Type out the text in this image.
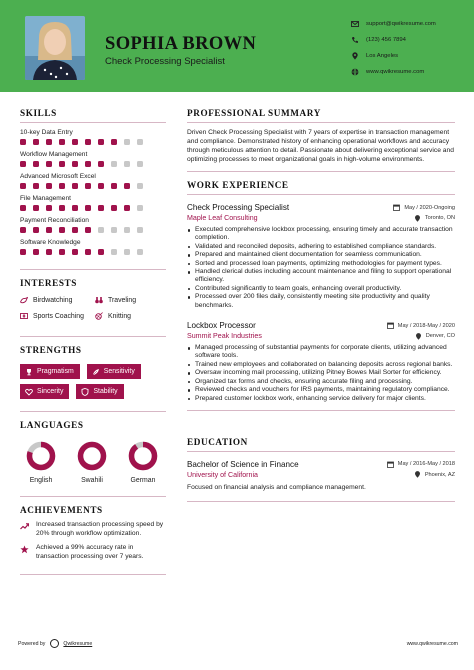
SOPHIA BROWN
Check Processing Specialist
support@qwikresume.com
(123) 456 7894
Los Angeles
www.qwikresume.com
SKILLS
10-key Data Entry
Workflow Management
Advanced Microsoft Excel
File Management
Payment Reconciliation
Software Knowledge
INTERESTS
Birdwatching	Traveling
Sports Coaching	Knitting
STRENGTHS
Pragmatism	Sensitivity
Sincerity	Stability
LANGUAGES
English	Swahili	German
ACHIEVEMENTS
Increased transaction processing speed by 20% through workflow optimization.
Achieved a 99% accuracy rate in transaction processing over 7 years.
PROFESSIONAL SUMMARY
Driven Check Processing Specialist with 7 years of expertise in transaction management and compliance. Demonstrated history of enhancing operational workflows and accuracy through meticulous attention to detail. Passionate about delivering exceptional service and optimizing processes to meet organizational goals in high-volume environments.
WORK EXPERIENCE
Check Processing Specialist	May / 2020-Ongoing
Maple Leaf Consulting	Toronto, ON
Executed comprehensive lockbox processing, ensuring timely and accurate transaction completion.
Validated and reconciled deposits, adhering to established compliance standards.
Prepared and maintained client documentation for seamless communication.
Sorted and processed loan payments, optimizing methodologies for payment types.
Handled clerical duties including account maintenance and filing to support operational efficiency.
Contributed significantly to team goals, enhancing overall productivity.
Processed over 200 files daily, consistently meeting site productivity and quality benchmarks.
Lockbox Processor	May / 2018-May / 2020
Summit Peak Industries	Denver, CO
Managed processing of substantial payments for corporate clients, utilizing advanced software tools.
Trained new employees and collaborated on balancing deposits across regional banks.
Oversaw incoming mail processing, utilizing Pitney Bowes Mail Sorter for efficiency.
Organized tax forms and checks, ensuring accurate filing and processing.
Reviewed checks and vouchers for IRS payments, maintaining regulatory compliance.
Prepared customer lockbox work, enhancing service delivery for major clients.
EDUCATION
Bachelor of Science in Finance	May / 2016-May / 2018
University of California	Phoenix, AZ
Focused on financial analysis and compliance management.
Powered by	Qwikresume	www.qwikresume.com
